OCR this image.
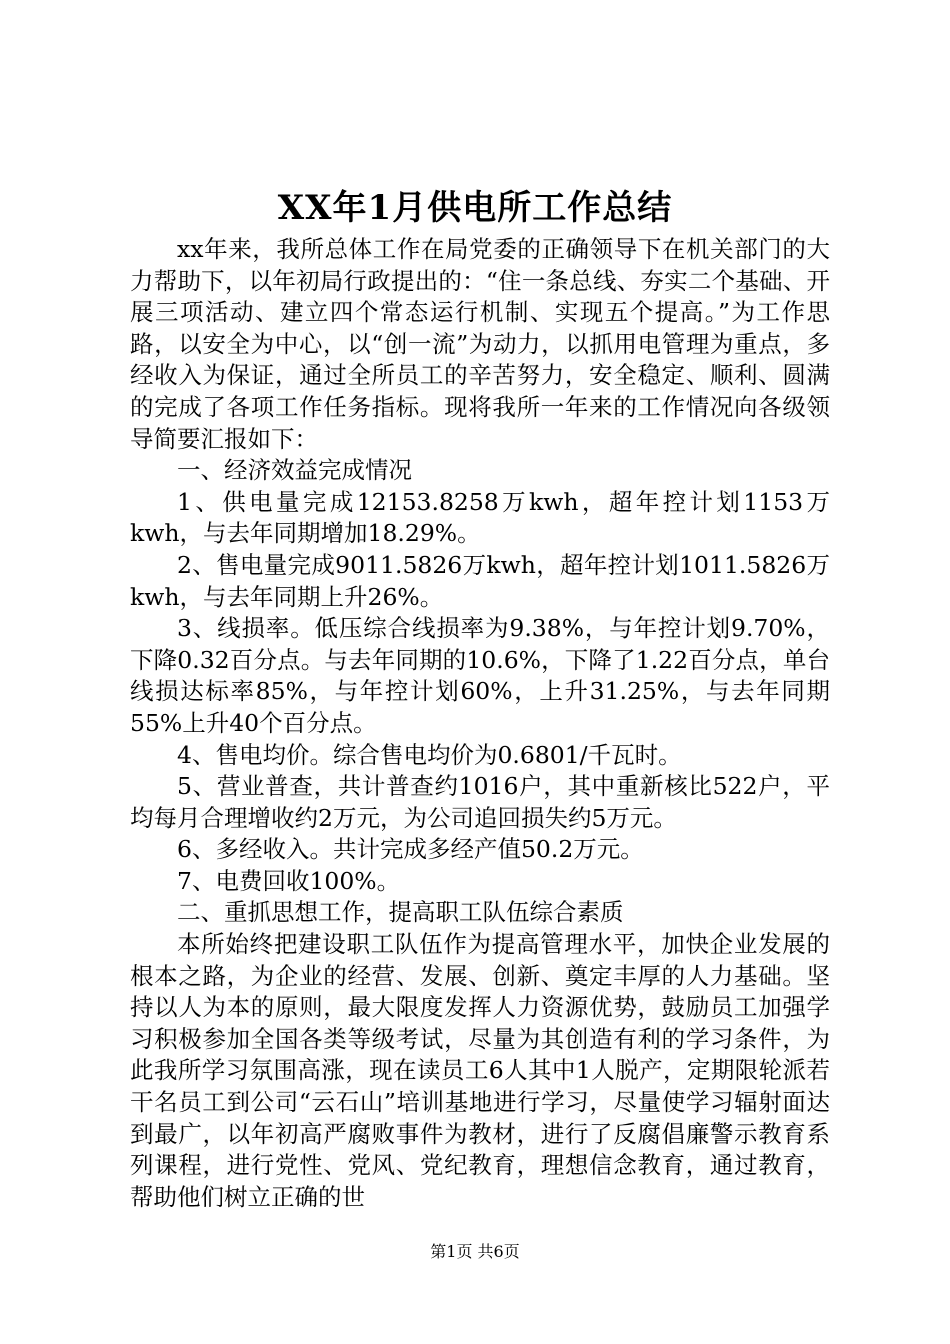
XX年1月供电所工作总结

xx年来，我所总体工作在局党委的正确领导下在机关部门的大力帮助下，以年初局行政提出的：“住一条总线、夯实二个基础、开展三项活动、建立四个常态运行机制、实现五个提高。”为工作思路，以安全为中心，以“创一流”为动力，以抓用电管理为重点，多经收入为保证，通过全所员工的辛苦努力，安全稳定、顺利、圆满的完成了各项工作任务指标。现将我所一年来的工作情况向各级领导简要汇报如下：

一、经济效益完成情况

1、供电量完成12153.8258万kwh，超年控计划1153万kwh，与去年同期增加18.29%。

2、售电量完成9011.5826万kwh，超年控计划1011.5826万kwh，与去年同期上升26%。

3、线损率。低压综合线损率为9.38%，与年控计划9.70%，下降0.32百分点。与去年同期的10.6%，下降了1.22百分点，单台线损达标率85%，与年控计划60%，上升31.25%，与去年同期55%上升40个百分点。

4、售电均价。综合售电均价为0.6801/千瓦时。

5、营业普查，共计普查约1016户，其中重新核比522户，平均每月合理增收约2万元，为公司追回损失约5万元。

6、多经收入。共计完成多经产值50.2万元。

7、电费回收100%。

二、重抓思想工作，提高职工队伍综合素质

本所始终把建设职工队伍作为提高管理水平，加快企业发展的根本之路，为企业的经营、发展、创新、奠定丰厚的人力基础。坚持以人为本的原则，最大限度发挥人力资源优势，鼓励员工加强学习积极参加全国各类等级考试，尽量为其创造有利的学习条件，为此我所学习氛围高涨，现在读员工6人其中1人脱产，定期限轮派若干名员工到公司“云石山”培训基地进行学习，尽量使学习辐射面达到最广，以年初高严腐败事件为教材，进行了反腐倡廉警示教育系列课程，进行党性、党风、党纪教育，理想信念教育，通过教育，帮助他们树立正确的世

第1页 共6页
